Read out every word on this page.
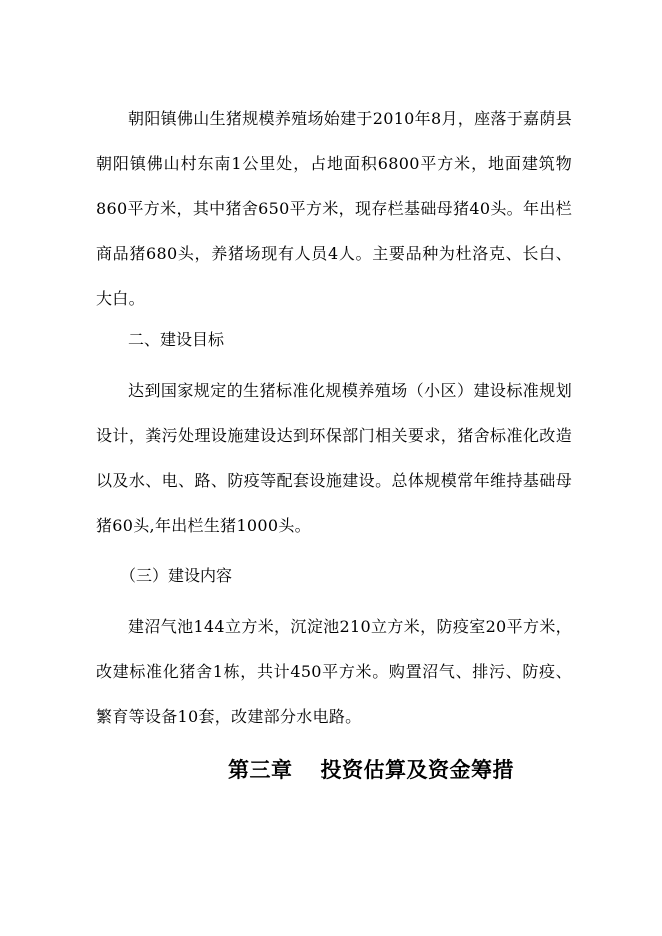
朝阳镇佛山生猪规模养殖场始建于2010年8月，座落于嘉荫县朝阳镇佛山村东南1公里处，占地面积6800平方米，地面建筑物860平方米，其中猪舍650平方米，现存栏基础母猪40头。年出栏商品猪680头，养猪场现有人员4人。主要品种为杜洛克、长白、大白。

二、建设目标

达到国家规定的生猪标准化规模养殖场（小区）建设标准规划设计，粪污处理设施建设达到环保部门相关要求，猪舍标准化改造以及水、电、路、防疫等配套设施建设。总体规模常年维持基础母猪60头,年出栏生猪1000头。

（三）建设内容

建沼气池144立方米，沉淀池210立方米，防疫室20平方米，改建标准化猪舍1栋，共计450平方米。购置沼气、排污、防疫、繁育等设备10套，改建部分水电路。

第三章 投资估算及资金筹措
